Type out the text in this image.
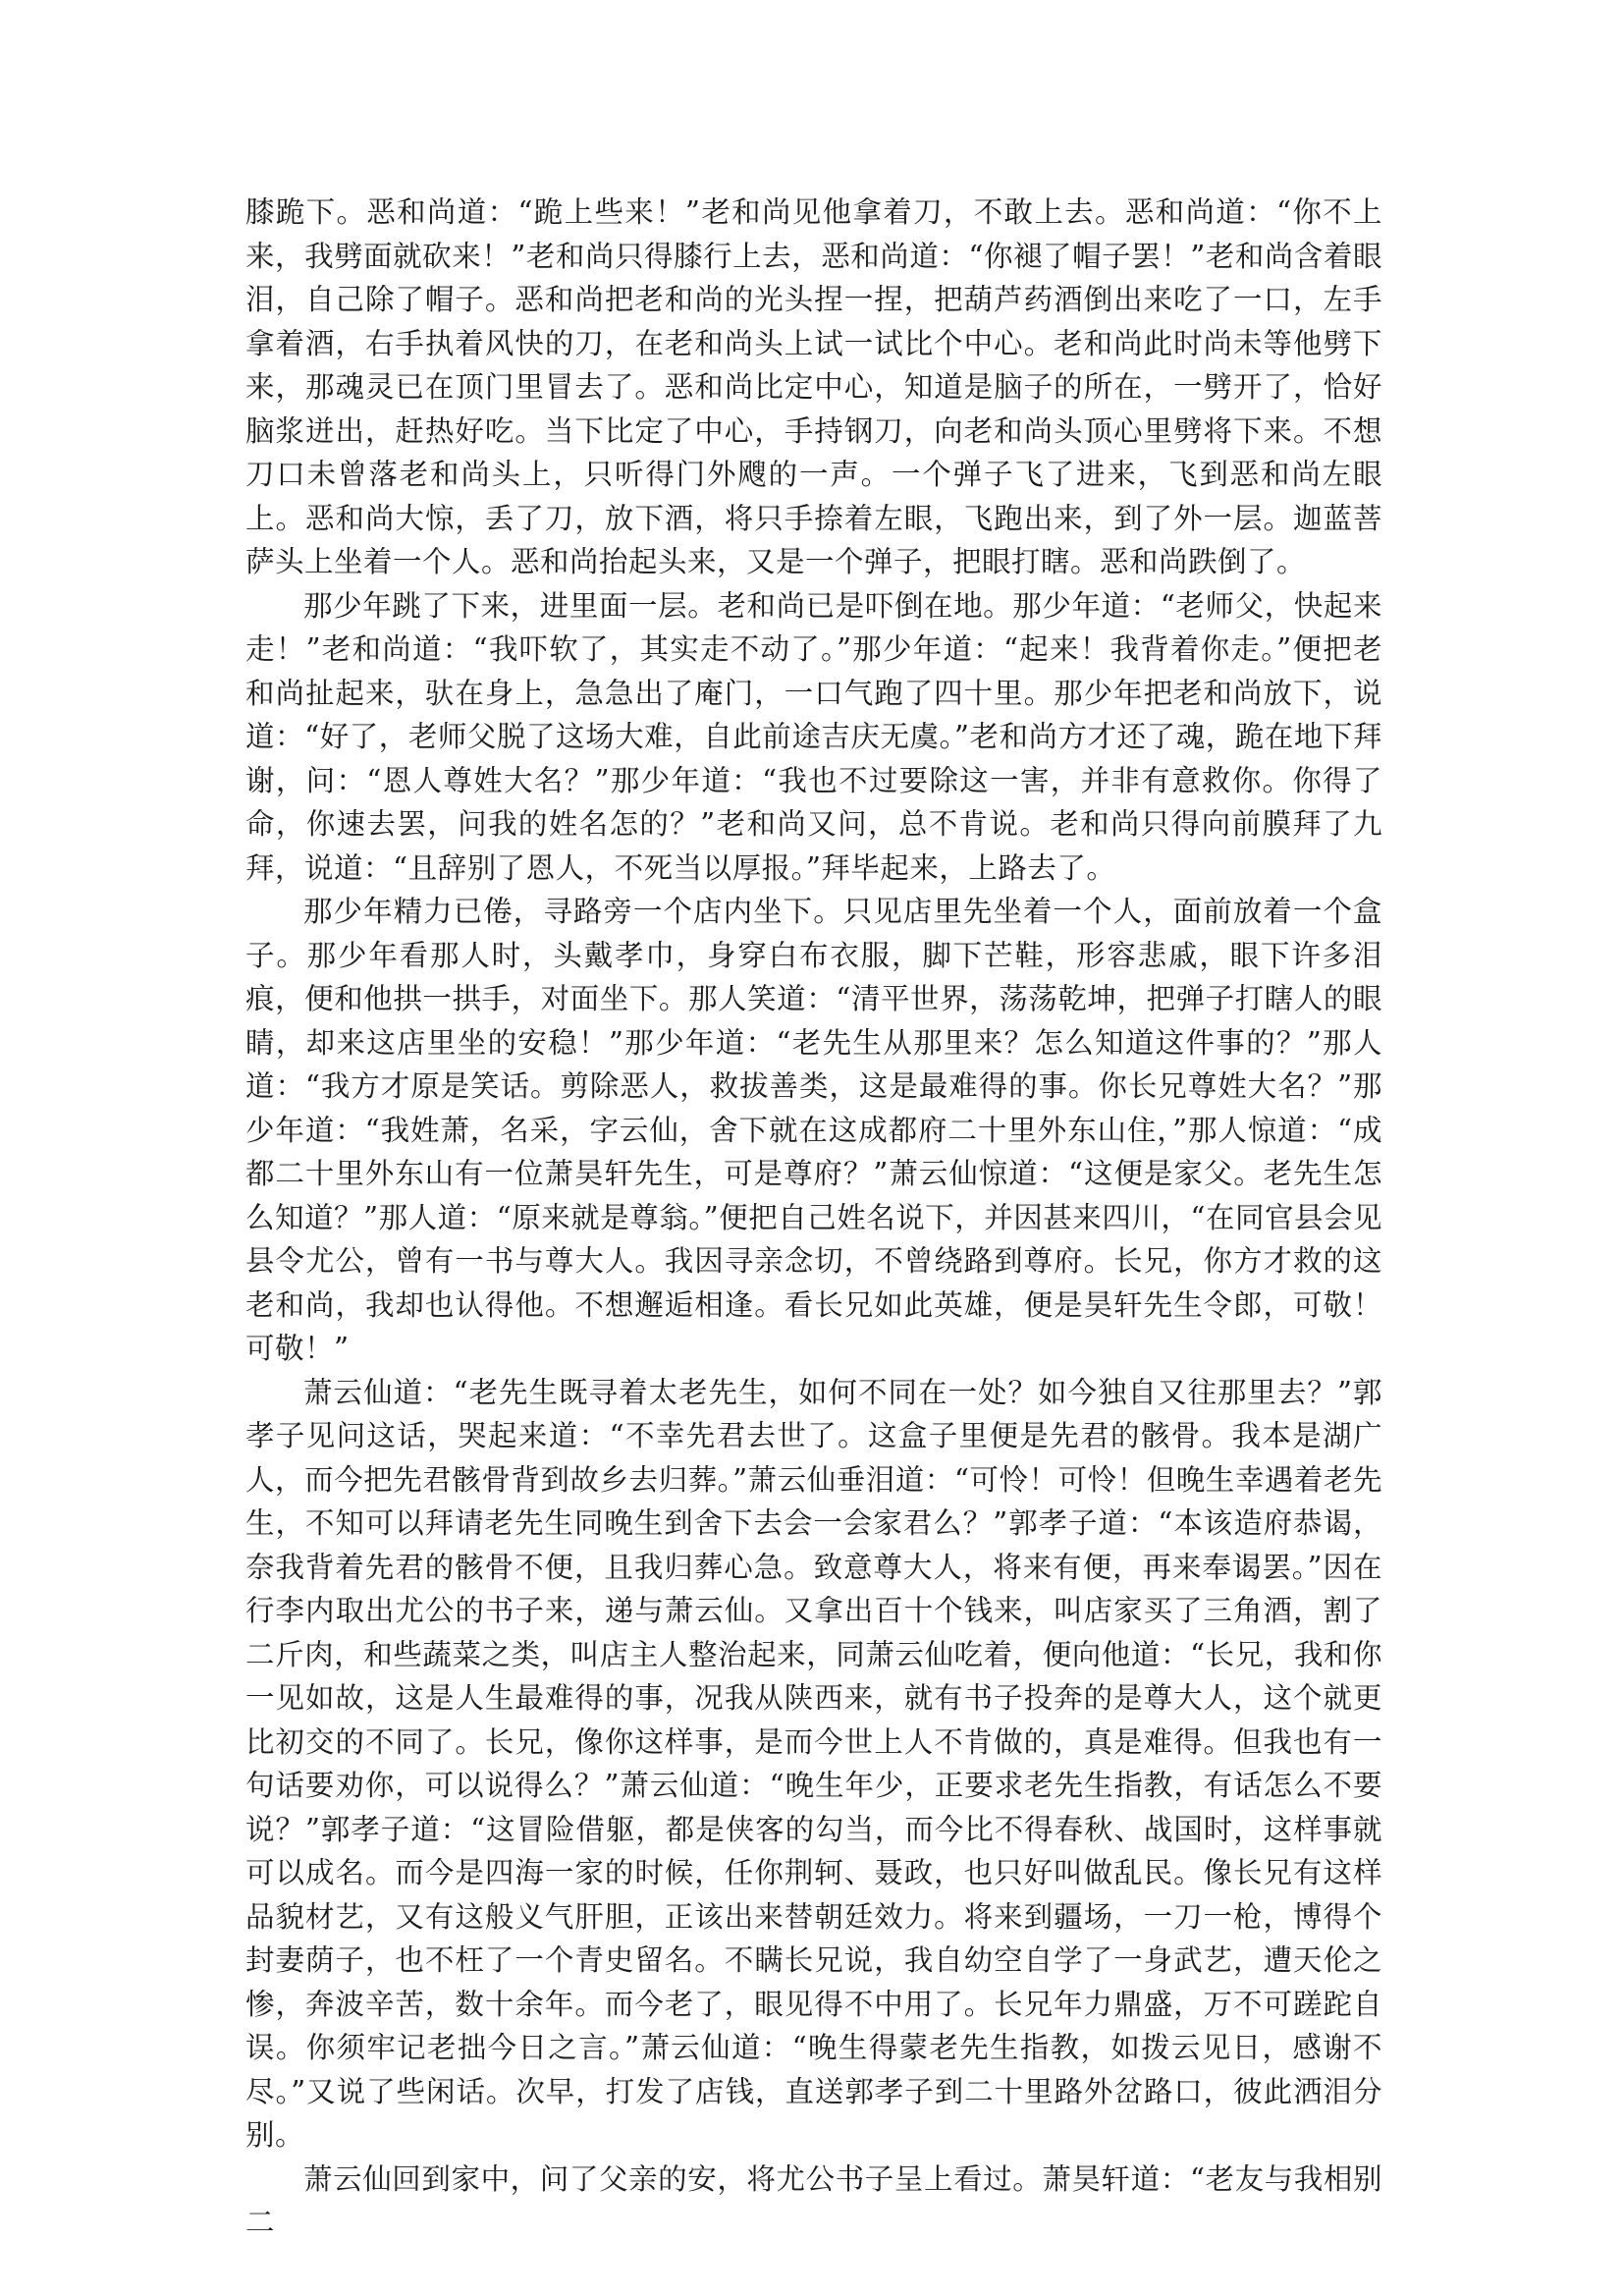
膝跪下。恶和尚道：“跪上些来！”老和尚见他拿着刀，不敢上去。恶和尚道：“你不上来，我劈面就砍来！”老和尚只得膝行上去，恶和尚道：“你褪了帽子罢！”老和尚含着眼泪，自己除了帽子。恶和尚把老和尚的光头捏一捏，把葫芦药酒倒出来吃了一口，左手拿着酒，右手执着风快的刀，在老和尚头上试一试比个中心。老和尚此时尚未等他劈下来，那魂灵已在顶门里冒去了。恶和尚比定中心，知道是脑子的所在，一劈开了，恰好脑浆迸出，赶热好吃。当下比定了中心，手持钢刀，向老和尚头顶心里劈将下来。不想刀口未曾落老和尚头上，只听得门外飕的一声。一个弹子飞了进来，飞到恶和尚左眼上。恶和尚大惊，丢了刀，放下酒，将只手捺着左眼，飞跑出来，到了外一层。迦蓝菩萨头上坐着一个人。恶和尚抬起头来，又是一个弹子，把眼打瞎。恶和尚跌倒了。

那少年跳了下来，进里面一层。老和尚已是吓倒在地。那少年道：“老师父，快起来走！”老和尚道：“我吓软了，其实走不动了。”那少年道：“起来！我背着你走。”便把老和尚扯起来，驮在身上，急急出了庵门，一口气跑了四十里。那少年把老和尚放下，说道：“好了，老师父脱了这场大难，自此前途吉庆无虞。”老和尚方才还了魂，跪在地下拜谢，问：“恩人尊姓大名？”那少年道：“我也不过要除这一害，并非有意救你。你得了命，你速去罢，问我的姓名怎的？”老和尚又问，总不肯说。老和尚只得向前膜拜了九拜，说道：“且辞别了恩人，不死当以厚报。”拜毕起来，上路去了。

那少年精力已倦，寻路旁一个店内坐下。只见店里先坐着一个人，面前放着一个盒子。那少年看那人时，头戴孝巾，身穿白布衣服，脚下芒鞋，形容悲戚，眼下许多泪痕，便和他拱一拱手，对面坐下。那人笑道：“清平世界，荡荡乾坤，把弹子打瞎人的眼睛，却来这店里坐的安稳！”那少年道：“老先生从那里来？怎么知道这件事的？”那人道：“我方才原是笑话。剪除恶人，救拔善类，这是最难得的事。你长兄尊姓大名？”那少年道：“我姓萧，名采，字云仙，舍下就在这成都府二十里外东山住，”那人惊道：“成都二十里外东山有一位萧昊轩先生，可是尊府？”萧云仙惊道：“这便是家父。老先生怎么知道？”那人道：“原来就是尊翁。”便把自己姓名说下，并因甚来四川，“在同官县会见县令尤公，曾有一书与尊大人。我因寻亲念切，不曾绕路到尊府。长兄，你方才救的这老和尚，我却也认得他。不想邂逅相逢。看长兄如此英雄，便是昊轩先生令郎，可敬！可敬！”

萧云仙道：“老先生既寻着太老先生，如何不同在一处？如今独自又往那里去？”郭孝子见问这话，哭起来道：“不幸先君去世了。这盒子里便是先君的骸骨。我本是湖广人，而今把先君骸骨背到故乡去归葬。”萧云仙垂泪道：“可怜！可怜！但晚生幸遇着老先生，不知可以拜请老先生同晚生到舍下去会一会家君么？”郭孝子道：“本该造府恭谒，奈我背着先君的骸骨不便，且我归葬心急。致意尊大人，将来有便，再来奉谒罢。”因在行李内取出尤公的书子来，递与萧云仙。又拿出百十个钱来，叫店家买了三角酒，割了二斤肉，和些蔬菜之类，叫店主人整治起来，同萧云仙吃着，便向他道：“长兄，我和你一见如故，这是人生最难得的事，况我从陕西来，就有书子投奔的是尊大人，这个就更比初交的不同了。长兄，像你这样事，是而今世上人不肯做的，真是难得。但我也有一句话要劝你，可以说得么？”萧云仙道：“晚生年少，正要求老先生指教，有话怎么不要说？”郭孝子道：“这冒险借躯，都是侠客的勾当，而今比不得春秋、战国时，这样事就可以成名。而今是四海一家的时候，任你荆轲、聂政，也只好叫做乱民。像长兄有这样品貌材艺，又有这般义气肝胆，正该出来替朝廷效力。将来到疆场，一刀一枪，博得个封妻荫子，也不枉了一个青史留名。不瞒长兄说，我自幼空自学了一身武艺，遭天伦之惨，奔波辛苦，数十余年。而今老了，眼见得不中用了。长兄年力鼎盛，万不可蹉跎自误。你须牢记老拙今日之言。”萧云仙道：“晚生得蒙老先生指教，如拨云见日，感谢不尽。”又说了些闲话。次早，打发了店钱，直送郭孝子到二十里路外岔路口，彼此洒泪分别。

萧云仙回到家中，问了父亲的安，将尤公书子呈上看过。萧昊轩道：“老友与我相别二
